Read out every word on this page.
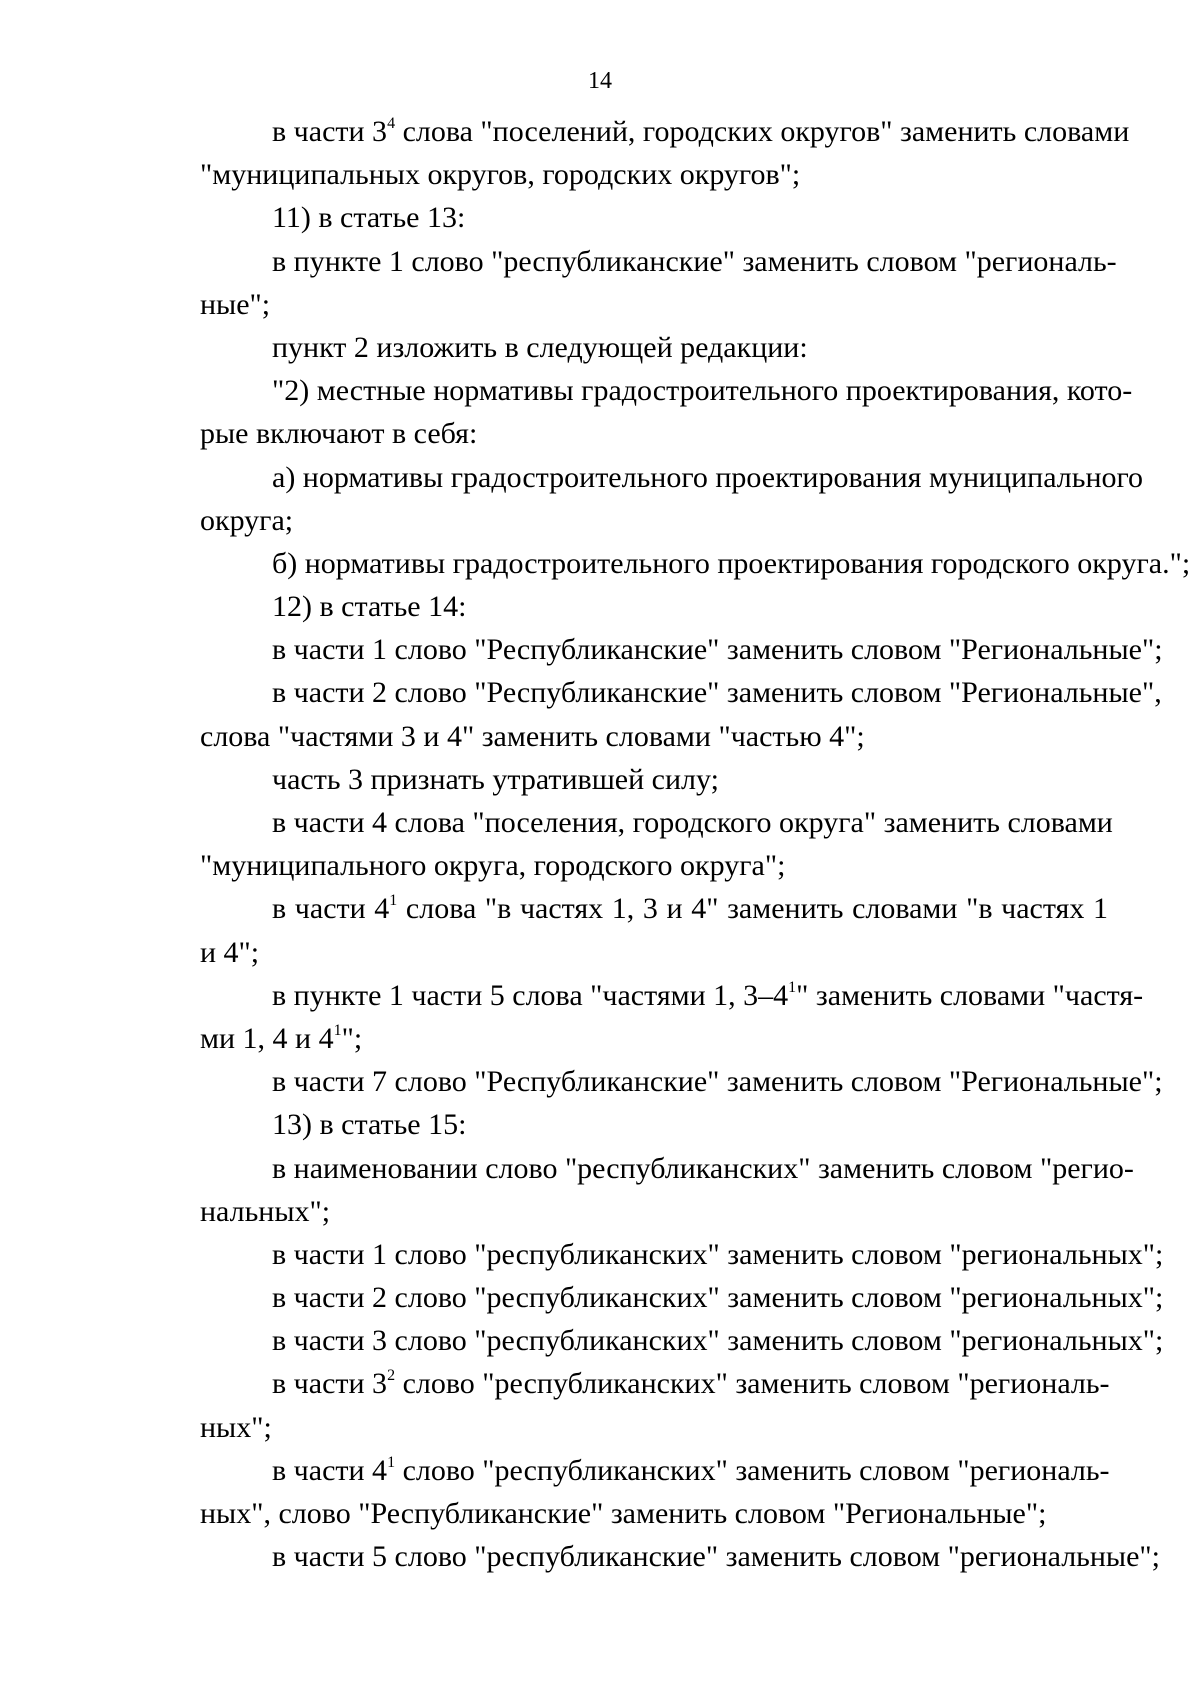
14
в части $3^4$ слова "поселений, городских округов" заменить словами
"муниципальных округов, городских округов";
11) в статье 13:
в пункте 1 слово "республиканские" заменить словом "региональ-
ные";
пункт 2 изложить в следующей редакции:
"2) местные нормативы градостроительного проектирования, кото-
рые включают в себя:
а) нормативы градостроительного проектирования муниципального
округа;
б) нормативы градостроительного проектирования городского округа.";
12) в статье 14:
в части 1 слово "Республиканские" заменить словом "Региональные";
в части 2 слово "Республиканские" заменить словом "Региональные",
слова "частями 3 и 4" заменить словами "частью 4";
часть 3 признать утратившей силу;
в части 4 слова "поселения, городского округа" заменить словами
"муниципального округа, городского округа";
в части $4^1$ слова "в частях 1, 3 и 4" заменить словами "в частях 1
и 4";
в пункте 1 части 5 слова "частями 1, $3-4^1$" заменить словами "частя-
ми 1, 4 и $4^1$";
в части 7 слово "Республиканские" заменить словом "Региональные";
13) в статье 15:
в наименовании слово "республиканских" заменить словом "регио-
нальных";
в части 1 слово "республиканских" заменить словом "региональных";
в части 2 слово "республиканских" заменить словом "региональных";
в части 3 слово "республиканских" заменить словом "региональных";
в части $3^2$ слово "республиканских" заменить словом "региональ-
ных";
в части $4^1$ слово "республиканских" заменить словом "региональ-
ных", слово "Республиканские" заменить словом "Региональные";
в части 5 слово "республиканские" заменить словом "региональные";
